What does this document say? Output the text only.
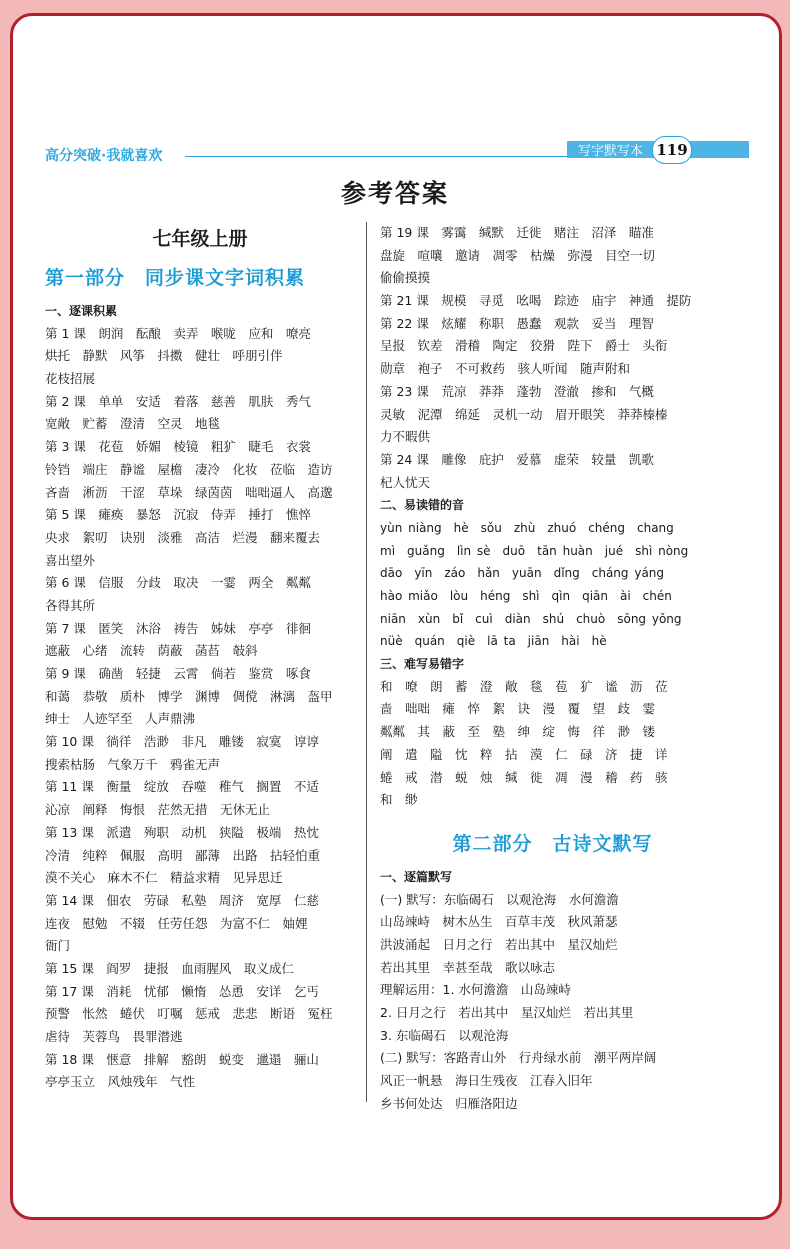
高分突破·我就喜欢	写字默写本 119
参考答案
七年级上册
第一部分　同步课文字词积累
一、逐课积累
第 1 课　朗润　酝酿　卖弄　喉咙　应和　嘹亮
烘托　静默　风筝　抖擞　健壮　呼朋引伴
花枝招展
第 2 课　单单　安适　着落　慈善　肌肤　秀气
宽敞　贮蓄　澄清　空灵　地毯
第 3 课　花苞　娇媚　棱镜　粗犷　睫毛　衣裳
铃铛　端庄　静谧　屋檐　凄冷　化妆　莅临　造访
吝啬　淅沥　干涩　草垛　绿茵茵　咄咄逼人　高邈
第 5 课　瘫痪　暴怒　沉寂　侍弄　捶打　憔悴
央求　絮叨　诀别　淡雅　高洁　烂漫　翻来覆去
喜出望外
第 6 课　信服　分歧　取决　一霎　两全　粼粼
各得其所
第 7 课　匿笑　沐浴　祷告　姊妹　亭亭　徘徊
遮蔽　心绪　流转　荫蔽　菡萏　攲斜
第 9 课　确凿　轻捷　云霄　倘若　鉴赏　啄食
和蔼　恭敬　质朴　博学　渊博　倜傥　淋漓　盔甲
绅士　人迹罕至　人声鼎沸
第 10 课　徜徉　浩渺　非凡　雕镂　寂寞　谆谆
搜索枯肠　气象万千　鸦雀无声
第 11 课　衡量　绽放　吞噬　稚气　搁置　不适
沁凉　阐释　悔恨　茫然无措　无休无止
第 13 课　派遣　殉职　动机　狭隘　极端　热忱
冷清　纯粹　佩服　高明　鄙薄　出路　拈轻怕重
漠不关心　麻木不仁　精益求精　见异思迁
第 14 课　佃农　劳碌　私塾　周济　宽厚　仁慈
连夜　慰勉　不辍　任劳任怨　为富不仁　妯娌
衙门
第 15 课　阎罗　捷报　血雨腥风　取义成仁
第 17 课　消耗　忧郁　懒惰　怂恿　安详　乞丐
预警　怅然　蜷伏　叮嘱　惩戒　悲悲　断语　冤枉
虐待　芙蓉鸟　畏罪潜逃
第 18 课　惬意　排解　豁朗　蜕变　邋遢　骊山
亭亭玉立　风烛残年　气性
第 19 课　雾霭　缄默　迁徙　赌注　沼泽　瞄准
盘旋　喧嚷　邀请　凋零　枯燥　弥漫　目空一切
偷偷摸摸
第 21 课　规模　寻觅　吆喝　踪迹　庙宇　神通　提防
第 22 课　炫耀　称职　愚蠢　观款　妥当　理智
呈报　钦差　滑稽　陶定　狡猾　陛下　爵士　头衔
勋章　袍子　不可救药　骇人听闻　随声附和
第 23 课　荒凉　莽莽　蓬勃　澄澈　掺和　气概
灵敏　泥潭　绵延　灵机一动　眉开眼笑　莽莽榛榛
力不暇供
第 24 课　雕像　庇护　爱慕　虚荣　较量　凯歌
杞人忧天
二、易读错的音
yùn niàng　hè　sǒu　zhù　zhuó　chéng　chang
mì　guǎng　lìn sè　duō　tān huàn　jué　shì nòng
dāo　yīn　záo　hǎn　yuān　dǐng　cháng yáng
hào miǎo　lòu　héng　shì　qìn　qiān　ài　chén
niān　xùn　bǐ　cuì　diàn　shú　chuò　sōng yǒng
nüè　quán　qiè　lā ta　jiān　hài　hè
三、难写易错字
和　嘹　朗　蓄　澄　敞　毯　苞　犷　谧　沥　莅
啬　咄咄　瘫　悴　絮　诀　漫　覆　望　歧　霎
粼粼　其　蔽　至　塾　绅　绽　悔　徉　渺　镂
阐　遣　隘　忱　粹　拈　漠　仁　碌　济　捷　详
蜷　戒　潜　蜕　烛　缄　徙　凋　漫　稽　药　骇
和　缈
第二部分　古诗文默写
一、逐篇默写
(一) 默写：东临碣石　以观沧海　水何澹澹
山岛竦峙　树木丛生　百草丰茂　秋风萧瑟
洪波涌起　日月之行　若出其中　星汉灿烂
若出其里　幸甚至哉　歌以咏志
理解运用：1. 水何澹澹　山岛竦峙
2. 日月之行　若出其中　星汉灿烂　若出其里
3. 东临碣石　以观沧海
(二) 默写：客路青山外　行舟绿水前　潮平两岸阔
风正一帆悬　海日生残夜　江春入旧年
乡书何处达　归雁洛阳边
